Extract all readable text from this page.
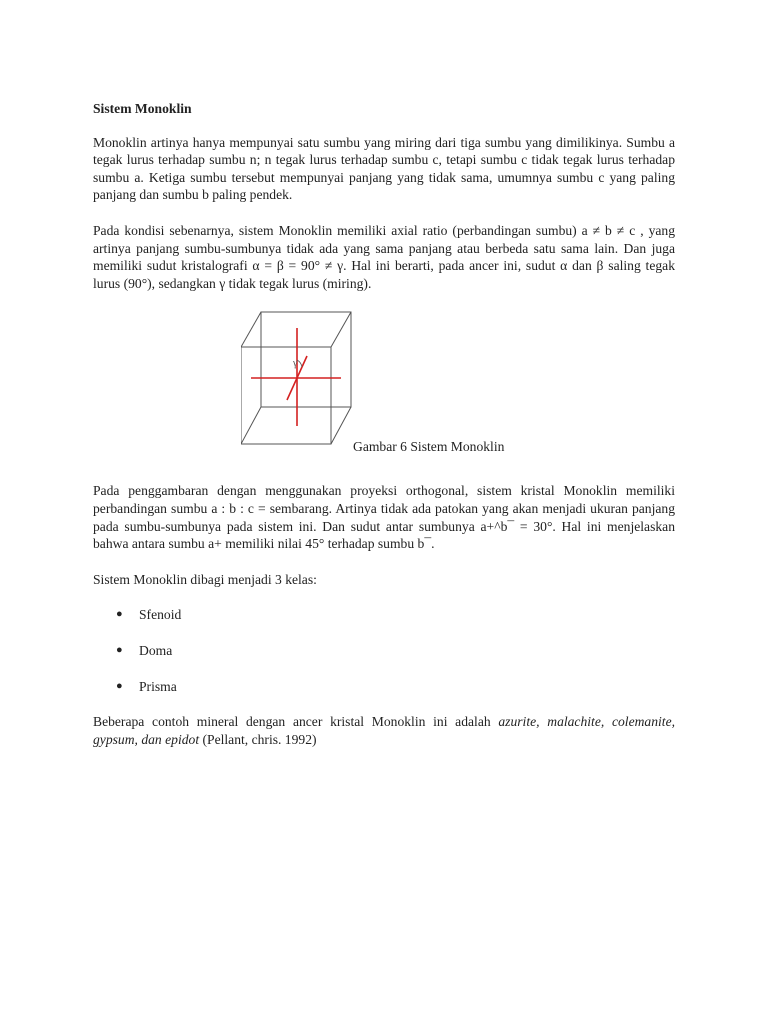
Sistem Monoklin

Monoklin artinya hanya mempunyai satu sumbu yang miring dari tiga sumbu yang dimilikinya. Sumbu a tegak lurus terhadap sumbu n; n tegak lurus terhadap sumbu c, tetapi sumbu c tidak tegak lurus terhadap sumbu a. Ketiga sumbu tersebut mempunyai panjang yang tidak sama, umumnya sumbu c yang paling panjang dan sumbu b paling pendek.

Pada kondisi sebenarnya, sistem Monoklin memiliki axial ratio (perbandingan sumbu) a ≠ b ≠ c , yang artinya panjang sumbu-sumbunya tidak ada yang sama panjang atau berbeda satu sama lain. Dan juga memiliki sudut kristalografi α = β = 90° ≠ γ. Hal ini berarti, pada ancer ini, sudut α dan β saling tegak lurus (90°), sedangkan γ tidak tegak lurus (miring).

γ
Gambar 6 Sistem Monoklin

Pada penggambaran dengan menggunakan proyeksi orthogonal, sistem kristal Monoklin memiliki perbandingan sumbu a : b : c = sembarang. Artinya tidak ada patokan yang akan menjadi ukuran panjang pada sumbu-sumbunya pada sistem ini. Dan sudut antar sumbunya a+^b¯ = 30°. Hal ini menjelaskan bahwa antara sumbu a+ memiliki nilai 45° terhadap sumbu b¯.

Sistem Monoklin dibagi menjadi 3 kelas:

● Sfenoid
● Doma
● Prisma

Beberapa contoh mineral dengan ancer kristal Monoklin ini adalah azurite, malachite, colemanite, gypsum, dan epidot (Pellant, chris. 1992)
